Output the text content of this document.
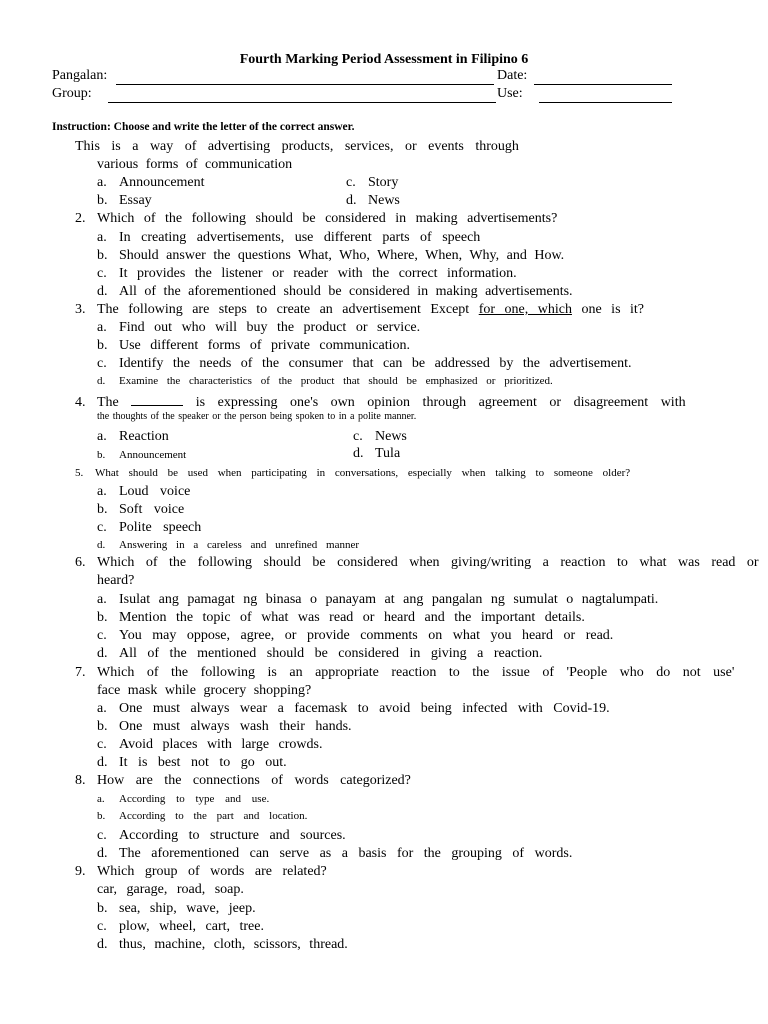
Fourth Marking Period Assessment in Filipino 6
Pangalan:	Date:
Group:	Use:
Instruction: Choose and write the letter of the correct answer.
This is a way of advertising products, services, or events through
various forms of communication
a. Announcement	c. Story
b. Essay	d. News
2. Which of the following should be considered in making advertisements?
a. In creating advertisements, use different parts of speech
b. Should answer the questions What, Who, Where, When, Why, and How.
c. It provides the listener or reader with the correct information.
d. All of the aforementioned should be considered in making advertisements.
3. The following are steps to create an advertisement Except for one, which one is it?
a. Find out who will buy the product or service.
b. Use different forms of private communication.
c. Identify the needs of the consumer that can be addressed by the advertisement.
d. Examine the characteristics of the product that should be emphasized or prioritized.
4. The	is expressing one's own opinion through agreement or disagreement with
the thoughts of the speaker or the person being spoken to in a polite manner.
a. Reaction	c. News
b. Announcement	d. Tula
5. What should be used when participating in conversations, especially when talking to someone older?
a. Loud voice
b. Soft voice
c. Polite speech
d. Answering in a careless and unrefined manner
6. Which of the following should be considered when giving/writing a reaction to what was read or
heard?
a. Isulat ang pamagat ng binasa o panayam at ang pangalan ng sumulat o nagtalumpati.
b. Mention the topic of what was read or heard and the important details.
c. You may oppose, agree, or provide comments on what you heard or read.
d. All of the mentioned should be considered in giving a reaction.
7. Which of the following is an appropriate reaction to the issue of 'People who do not use'
face mask while grocery shopping?
a. One must always wear a facemask to avoid being infected with Covid-19.
b. One must always wash their hands.
c. Avoid places with large crowds.
d. It is best not to go out.
8. How are the connections of words categorized?
a. According to type and use.
b. According to the part and location.
c. According to structure and sources.
d. The aforementioned can serve as a basis for the grouping of words.
9. Which group of words are related?
car, garage, road, soap.
b. sea, ship, wave, jeep.
c. plow, wheel, cart, tree.
d. thus, machine, cloth, scissors, thread.
